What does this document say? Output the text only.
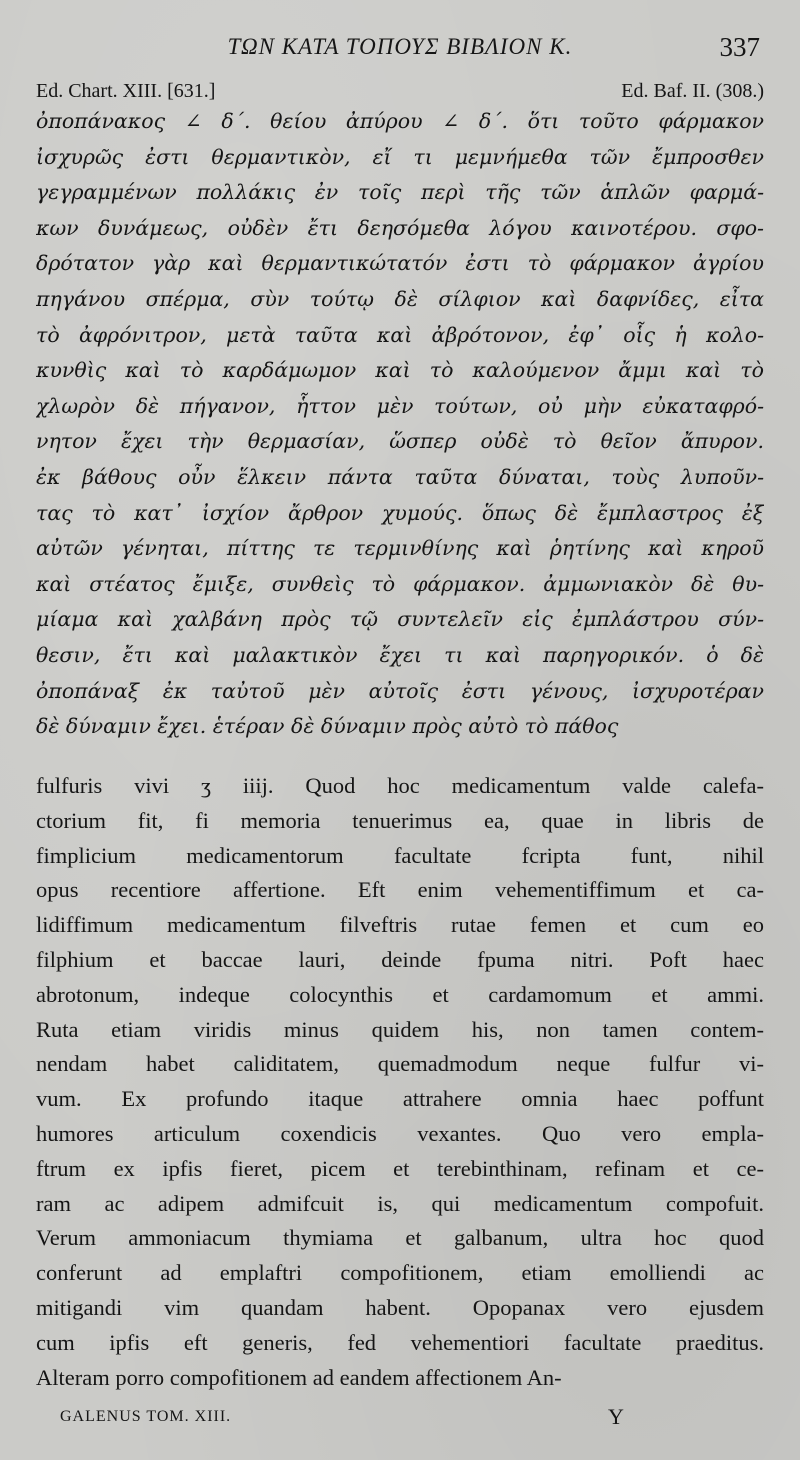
ΤΩΝ ΚΑΤΑ ΤΟΠΟΥΣ ΒΙΒΛΙΟΝ Κ.	337
Ed. Chart. XIII. [631.]	Ed. Baf. II. (308.)
ὀποπάνακος ∠ δ΄. θείου ἀπύρου ∠ δ΄. ὅτι τοῦτο φάρμακον
ἰσχυρῶς ἐστι θερμαντικὸν, εἴ τι μεμνήμεθα τῶν ἔμπροσθεν
γεγραμμένων πολλάκις ἐν τοῖς περὶ τῆς τῶν ἁπλῶν φαρμά-
κων δυνάμεως, οὐδὲν ἔτι δεησόμεθα λόγου καινοτέρου. σφο-
δρότατον γὰρ καὶ θερμαντικώτατόν ἐστι τὸ φάρμακον ἀγρίου
πηγάνου σπέρμα, σὺν τούτῳ δὲ σίλφιον καὶ δαφνίδες, εἶτα
τὸ ἀφρόνιτρον, μετὰ ταῦτα καὶ ἀβρότονον, ἐφ᾽ οἷς ἡ κολο-
κυνθὶς καὶ τὸ καρδάμωμον καὶ τὸ καλούμενον ἄμμι καὶ τὸ
χλωρὸν δὲ πήγανον, ἧττον μὲν τούτων, οὐ μὴν εὐκαταφρό-
νητον ἔχει τὴν θερμασίαν, ὥσπερ οὐδὲ τὸ θεῖον ἄπυρον.
ἐκ βάθους οὖν ἕλκειν πάντα ταῦτα δύναται, τοὺς λυποῦν-
τας τὸ κατ᾽ ἰσχίον ἄρθρον χυμούς. ὅπως δὲ ἔμπλαστρος ἐξ
αὐτῶν γένηται, πίττης τε τερμινθίνης καὶ ῥητίνης καὶ κηροῦ
καὶ στέατος ἔμιξε, συνθεὶς τὸ φάρμακον. ἀμμωνιακὸν δὲ θυ-
μίαμα καὶ χαλβάνη πρὸς τῷ συντελεῖν εἰς ἐμπλάστρου σύν-
θεσιν, ἔτι καὶ μαλακτικὸν ἔχει τι καὶ παρηγορικόν. ὁ δὲ
ὀποπάναξ ἐκ ταὐτοῦ μὲν αὐτοῖς ἐστι γένους, ἰσχυροτέραν
δὲ δύναμιν ἔχει. ἑτέραν δὲ δύναμιν πρὸς αὐτὸ τὸ πάθος
fulfuris vivi ʒ iiij. Quod hoc medicamentum valde calefa-
ctorium fit, fi memoria tenuerimus ea, quae in libris de
fimplicium medicamentorum facultate fcripta funt, nihil
opus recentiore affertione. Eft enim vehementiffimum et ca-
lidiffimum medicamentum filveftris rutae femen et cum eo
filphium et baccae lauri, deinde fpuma nitri. Poft haec
abrotonum, indeque colocynthis et cardamomum et ammi.
Ruta etiam viridis minus quidem his, non tamen contem-
nendam habet caliditatem, quemadmodum neque fulfur vi-
vum. Ex profundo itaque attrahere omnia haec poffunt
humores articulum coxendicis vexantes. Quo vero empla-
ftrum ex ipfis fieret, picem et terebinthinam, refinam et ce-
ram ac adipem admifcuit is, qui medicamentum compofuit.
Verum ammoniacum thymiama et galbanum, ultra hoc quod
conferunt ad emplaftri compofitionem, etiam emolliendi ac
mitigandi vim quandam habent. Opopanax vero ejusdem
cum ipfis eft generis, fed vehementiori facultate praeditus.
Alteram porro compofitionem ad eandem affectionem An-
GALENUS TOM. XIII.	Y
